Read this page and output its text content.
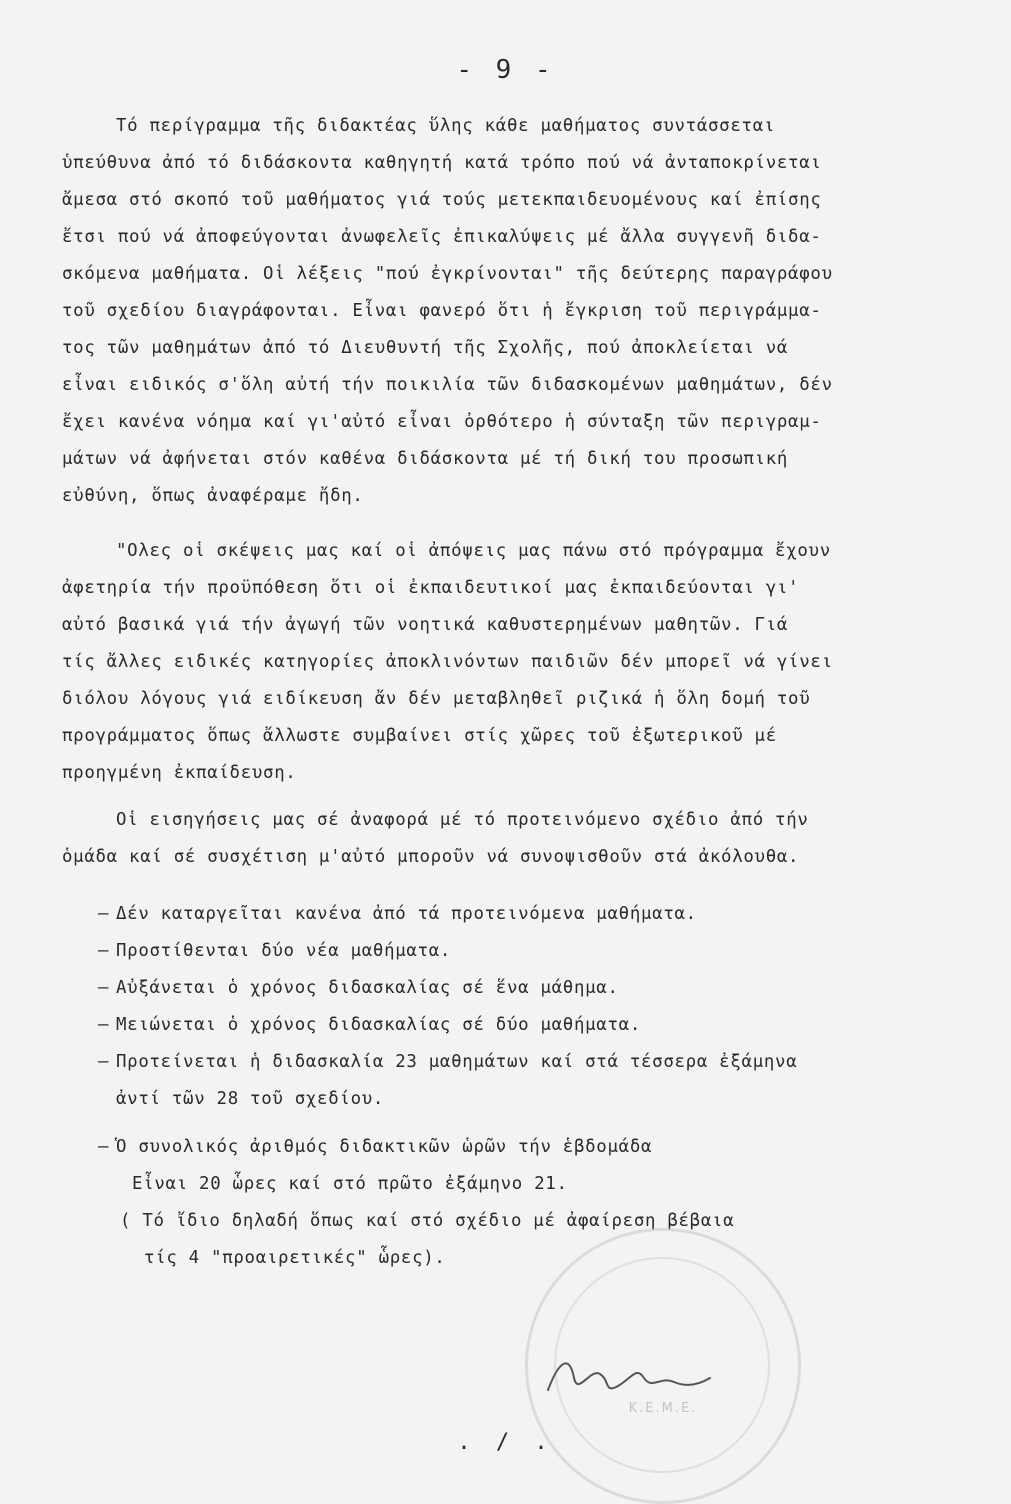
- 9 -
Τό περίγραμμα τῆς διδακτέας ὕλης κάθε μαθήματος συντάσσεται
ὑπεύθυνα ἀπό τό διδάσκοντα καθηγητή κατά τρόπο πού νά ἀνταποκρίνεται
ἄμεσα στό σκοπό τοῦ μαθήματος γιά τούς μετεκπαιδευομένους καί ἐπίσης
ἔτσι πού νά ἀποφεύγονται ἀνωφελεῖς ἐπικαλύψεις μέ ἄλλα συγγενῆ διδα-
σκόμενα μαθήματα. Οἱ λέξεις "πού ἐγκρίνονται" τῆς δεύτερης παραγράφου
τοῦ σχεδίου διαγράφονται. Εἶναι φανερό ὅτι ἡ ἔγκριση τοῦ περιγράμμα-
τος τῶν μαθημάτων ἀπό τό Διευθυντή τῆς Σχολῆς, πού ἀποκλείεται νά
εἶναι ειδικός σ'ὅλη αὐτή τήν ποικιλία τῶν διδασκομένων μαθημάτων, δέν
ἔχει κανένα νόημα καί γι'αὐτό εἶναι ὀρθότερο ἡ σύνταξη τῶν περιγραμ-
μάτων νά ἀφήνεται στόν καθένα διδάσκοντα μέ τή δική του προσωπική
εὐθύνη, ὅπως ἀναφέραμε ἤδη.
"Ολες οἱ σκέψεις μας καί οἱ ἀπόψεις μας πάνω στό πρόγραμμα ἔχουν
ἀφετηρία τήν προϋπόθεση ὅτι οἱ ἐκπαιδευτικοί μας ἐκπαιδεύονται γι'
αὐτό βασικά γιά τήν ἀγωγή τῶν νοητικά καθυστερημένων μαθητῶν. Γιά
τίς ἄλλες ειδικές κατηγορίες ἀποκλινόντων παιδιῶν δέν μπορεῖ νά γίνει
διόλου λόγους γιά ειδίκευση ἄν δέν μεταβληθεῖ ριζικά ἡ ὅλη δομή τοῦ
προγράμματος ὅπως ἄλλωστε συμβαίνει στίς χῶρες τοῦ ἐξωτερικοῦ μέ
προηγμένη ἐκπαίδευση.
Οἱ εισηγήσεις μας σέ ἀναφορά μέ τό προτεινόμενο σχέδιο ἀπό τήν
ὁμάδα καί σέ συσχέτιση μ'αὐτό μποροῦν νά συνοψισθοῦν στά ἀκόλουθα.
– Δέν καταργεῖται κανένα ἀπό τά προτεινόμενα μαθήματα.
– Προστίθενται δύο νέα μαθήματα.
– Αὐξάνεται ὁ χρόνος διδασκαλίας σέ ἕνα μάθημα.
– Μειώνεται ὁ χρόνος διδασκαλίας σέ δύο μαθήματα.
– Προτείνεται ἡ διδασκαλία 23 μαθημάτων καί στά τέσσερα ἐξάμηνα
ἀντί τῶν 28 τοῦ σχεδίου.
– Ὁ συνολικός ἀριθμός διδακτικῶν ὡρῶν τήν ἑβδομάδα
Εἶναι 20 ὧρες καί στό πρῶτο ἐξάμηνο 21.
( Τό ἴδιο δηλαδή ὅπως καί στό σχέδιο μέ ἀφαίρεση βέβαια
τίς 4 "προαιρετικές" ὧρες).
Κ.Ε.Μ.Ε.
. / .
